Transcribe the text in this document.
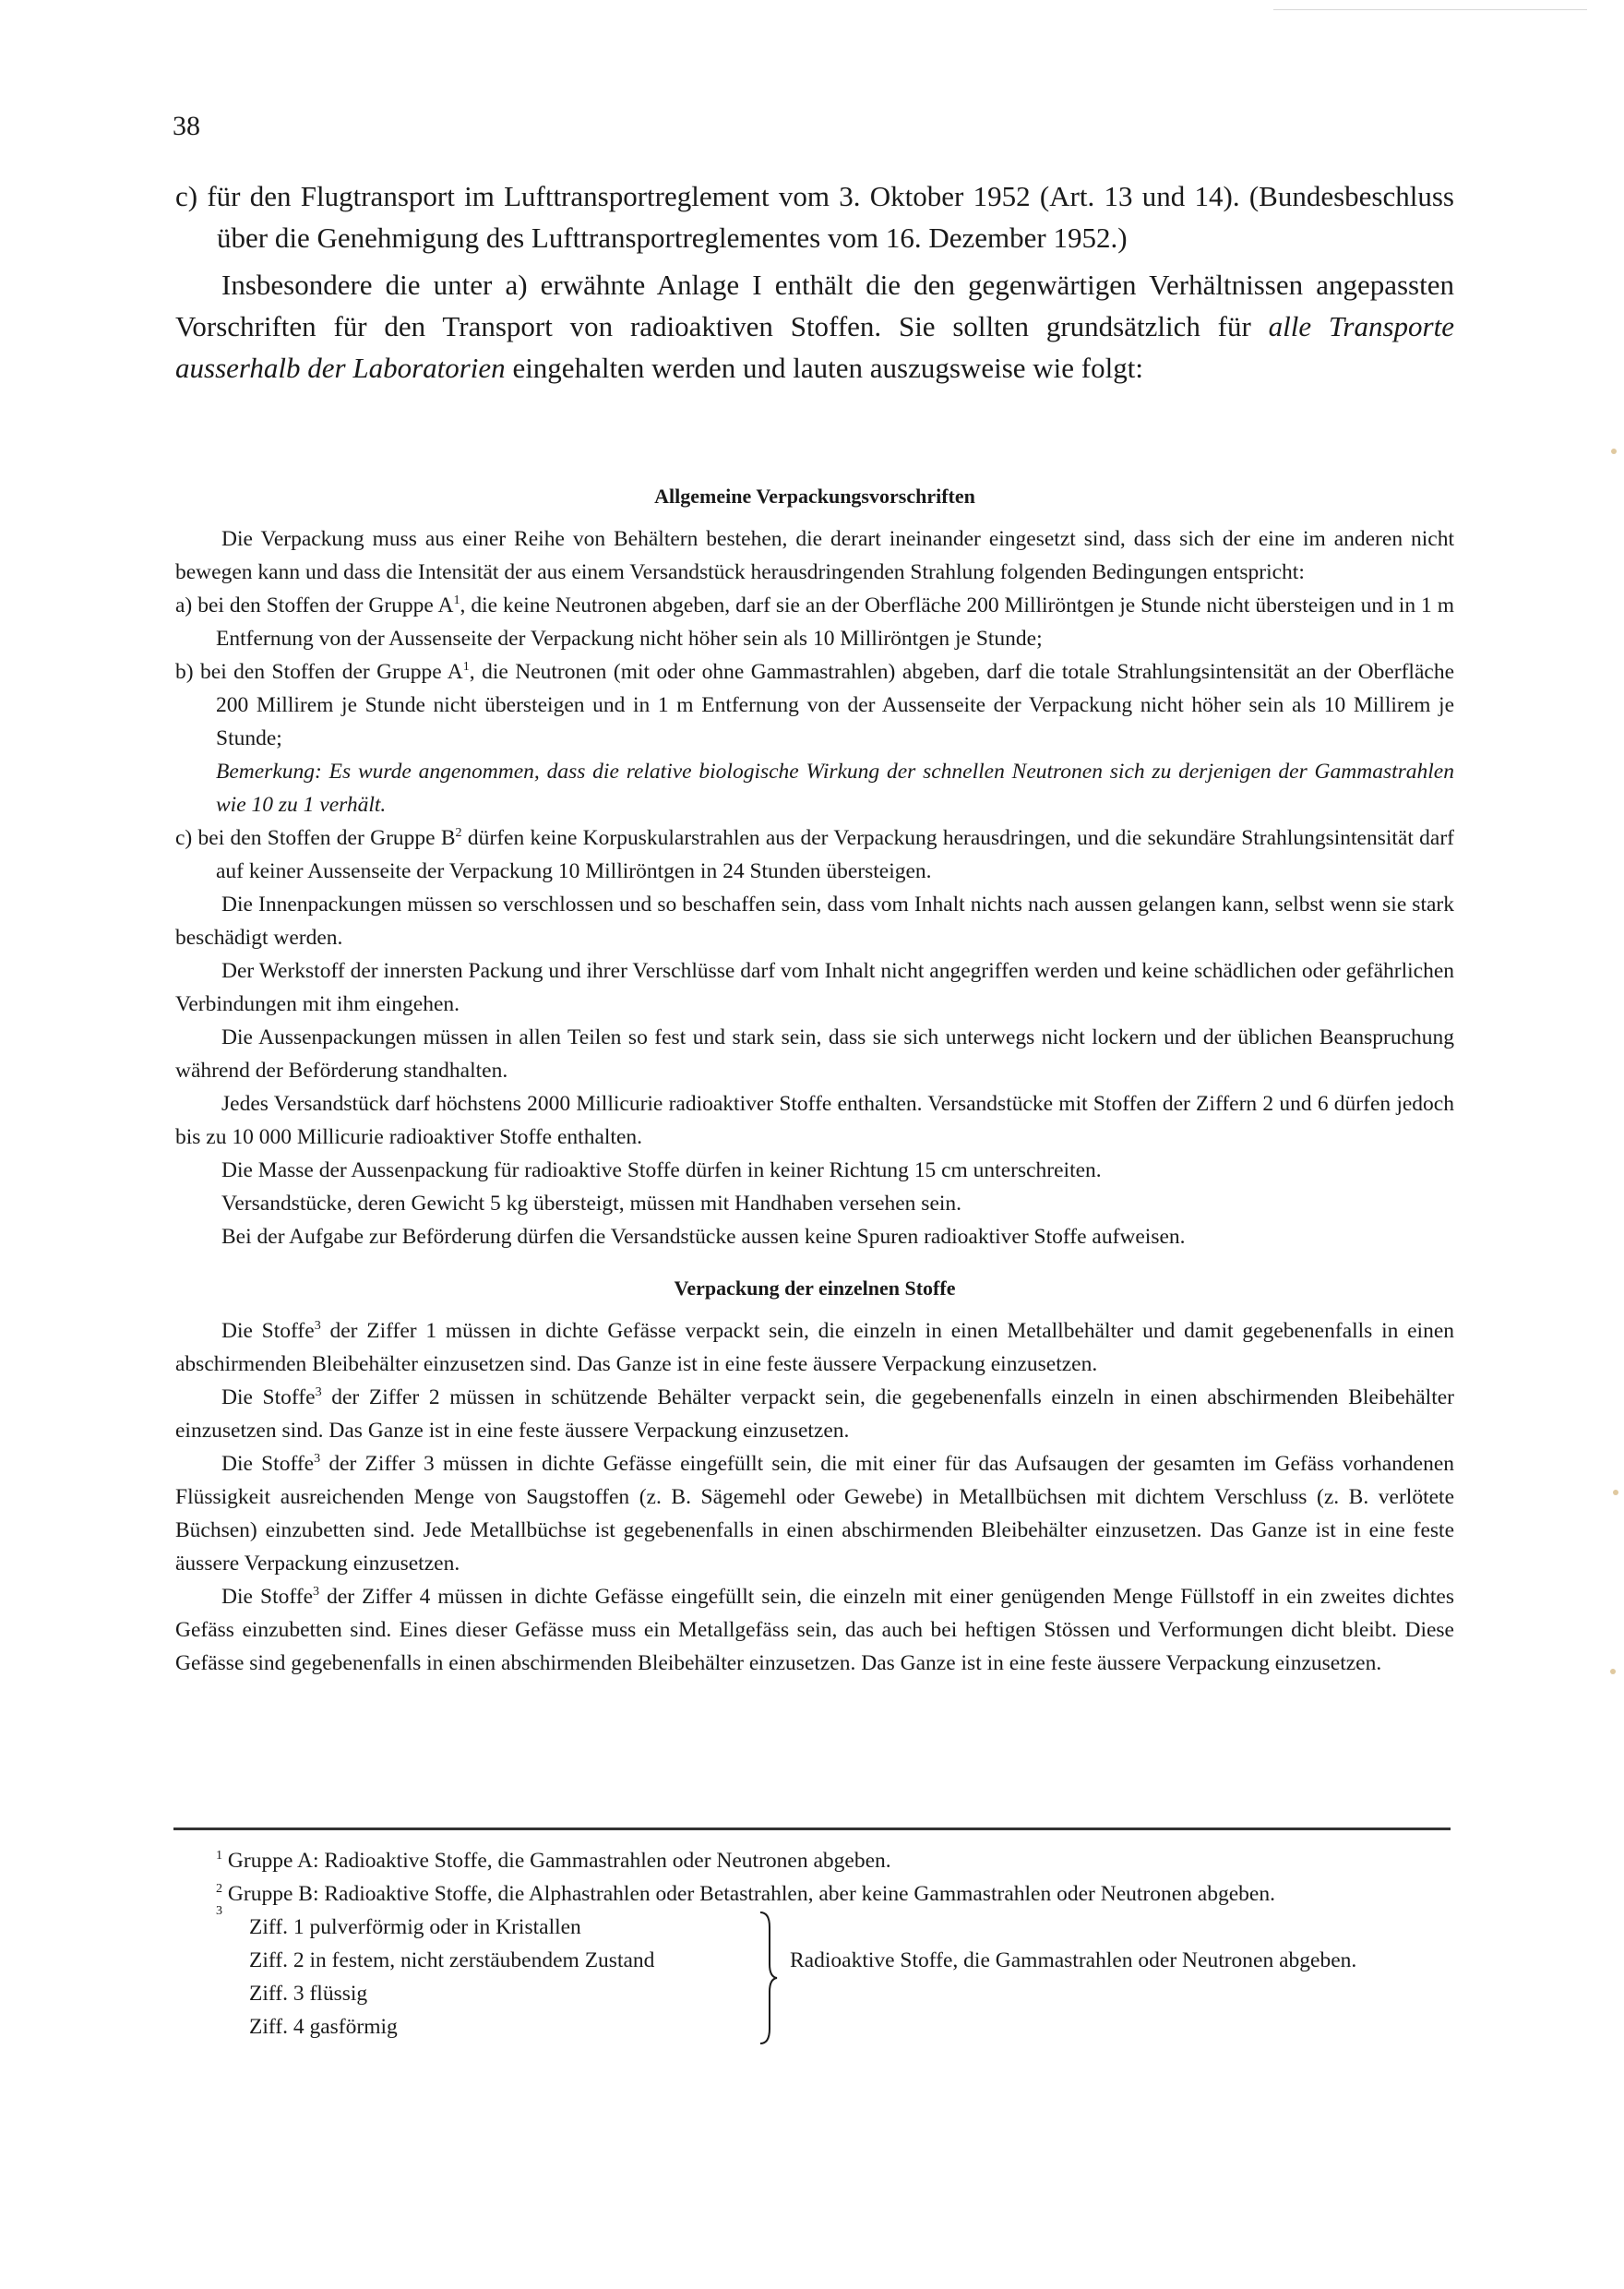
38

c) für den Flugtransport im Lufttransportreglement vom 3. Oktober 1952 (Art. 13 und 14). (Bundesbeschluss über die Genehmigung des Lufttransportreglementes vom 16. Dezember 1952.)

Insbesondere die unter a) erwähnte Anlage I enthält die den gegenwärtigen Verhältnissen angepassten Vorschriften für den Transport von radioaktiven Stoffen. Sie sollten grundsätzlich für alle Transporte ausserhalb der Laboratorien eingehalten werden und lauten auszugsweise wie folgt:

Allgemeine Verpackungsvorschriften

Die Verpackung muss aus einer Reihe von Behältern bestehen, die derart ineinander eingesetzt sind, dass sich der eine im anderen nicht bewegen kann und dass die Intensität der aus einem Versandstück herausdringenden Strahlung folgenden Bedingungen entspricht:

a) bei den Stoffen der Gruppe $A^1$, die keine Neutronen abgeben, darf sie an der Oberfläche 200 Milliröntgen je Stunde nicht übersteigen und in 1 m Entfernung von der Aussenseite der Verpackung nicht höher sein als 10 Milliröntgen je Stunde;

b) bei den Stoffen der Gruppe $A^1$, die Neutronen (mit oder ohne Gammastrahlen) abgeben, darf die totale Strahlungsintensität an der Oberfläche 200 Millirem je Stunde nicht übersteigen und in 1 m Entfernung von der Aussenseite der Verpackung nicht höher sein als 10 Millirem je Stunde;

Bemerkung: Es wurde angenommen, dass die relative biologische Wirkung der schnellen Neutronen sich zu derjenigen der Gammastrahlen wie 10 zu 1 verhält.

c) bei den Stoffen der Gruppe $B^2$ dürfen keine Korpuskularstrahlen aus der Verpackung herausdringen, und die sekundäre Strahlungsintensität darf auf keiner Aussenseite der Verpackung 10 Milliröntgen in 24 Stunden übersteigen.

Die Innenpackungen müssen so verschlossen und so beschaffen sein, dass vom Inhalt nichts nach aussen gelangen kann, selbst wenn sie stark beschädigt werden.

Der Werkstoff der innersten Packung und ihrer Verschlüsse darf vom Inhalt nicht angegriffen werden und keine schädlichen oder gefährlichen Verbindungen mit ihm eingehen.

Die Aussenpackungen müssen in allen Teilen so fest und stark sein, dass sie sich unterwegs nicht lockern und der üblichen Beanspruchung während der Beförderung standhalten.

Jedes Versandstück darf höchstens 2000 Millicurie radioaktiver Stoffe enthalten. Versandstücke mit Stoffen der Ziffern 2 und 6 dürfen jedoch bis zu 10 000 Millicurie radioaktiver Stoffe enthalten.

Die Masse der Aussenpackung für radioaktive Stoffe dürfen in keiner Richtung 15 cm unterschreiten.

Versandstücke, deren Gewicht 5 kg übersteigt, müssen mit Handhaben versehen sein.

Bei der Aufgabe zur Beförderung dürfen die Versandstücke aussen keine Spuren radioaktiver Stoffe aufweisen.

Verpackung der einzelnen Stoffe

Die Stoffe$^3$ der Ziffer 1 müssen in dichte Gefässe verpackt sein, die einzeln in einen Metallbehälter und damit gegebenenfalls in einen abschirmenden Bleibehälter einzusetzen sind. Das Ganze ist in eine feste äussere Verpackung einzusetzen.

Die Stoffe$^3$ der Ziffer 2 müssen in schützende Behälter verpackt sein, die gegebenenfalls einzeln in einen abschirmenden Bleibehälter einzusetzen sind. Das Ganze ist in eine feste äussere Verpackung einzusetzen.

Die Stoffe$^3$ der Ziffer 3 müssen in dichte Gefässe eingefüllt sein, die mit einer für das Aufsaugen der gesamten im Gefäss vorhandenen Flüssigkeit ausreichenden Menge von Saugstoffen (z. B. Sägemehl oder Gewebe) in Metallbüchsen mit dichtem Verschluss (z. B. verlötete Büchsen) einzubetten sind. Jede Metallbüchse ist gegebenenfalls in einen abschirmenden Bleibehälter einzusetzen. Das Ganze ist in eine feste äussere Verpackung einzusetzen.

Die Stoffe$^3$ der Ziffer 4 müssen in dichte Gefässe eingefüllt sein, die einzeln mit einer genügenden Menge Füllstoff in ein zweites dichtes Gefäss einzubetten sind. Eines dieser Gefässe muss ein Metallgefäss sein, das auch bei heftigen Stössen und Verformungen dicht bleibt. Diese Gefässe sind gegebenenfalls in einen abschirmenden Bleibehälter einzusetzen. Das Ganze ist in eine feste äussere Verpackung einzusetzen.

$^1$ Gruppe A: Radioaktive Stoffe, die Gammastrahlen oder Neutronen abgeben.

$^2$ Gruppe B: Radioaktive Stoffe, die Alphastrahlen oder Betastrahlen, aber keine Gammastrahlen oder Neutronen abgeben.

3
Ziff. 1 pulverförmig oder in Kristallen
Ziff. 2 in festem, nicht zerstäubendem Zustand
Ziff. 3 flüssig
Ziff. 4 gasförmig
Radioaktive Stoffe, die Gammastrahlen oder Neutronen abgeben.
